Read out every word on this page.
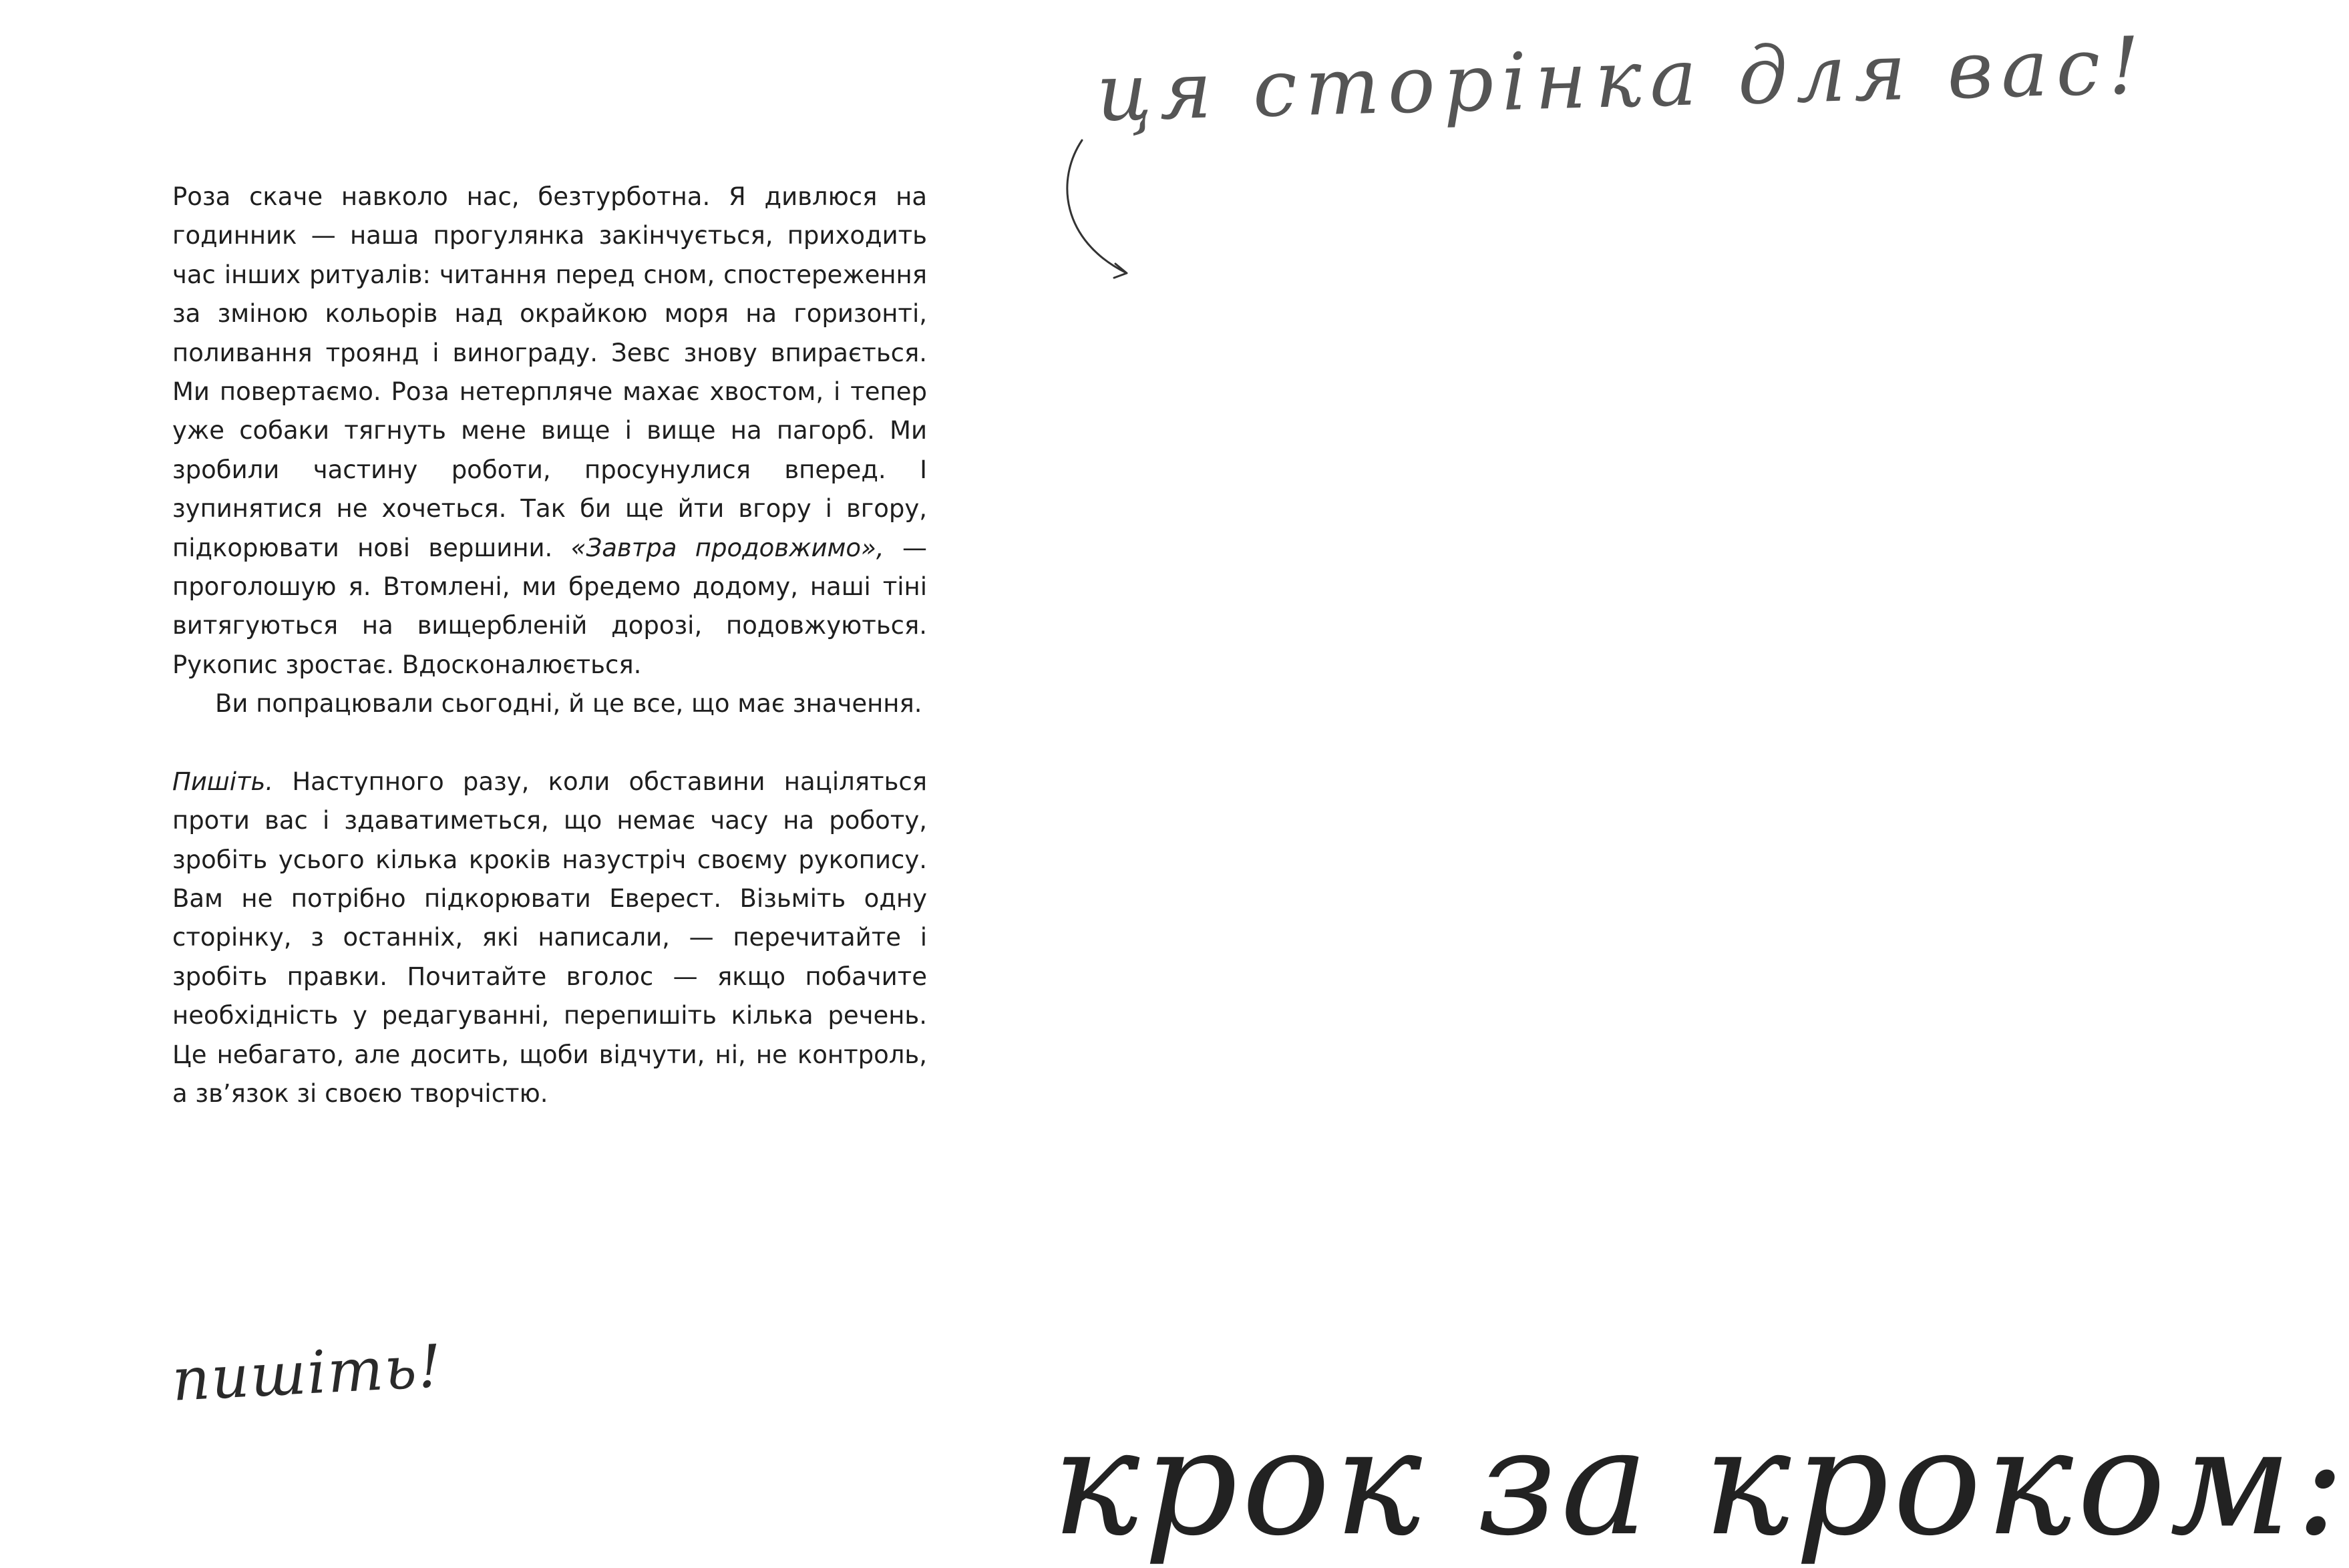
Роза скаче навколо нас, безтурботна. Я дивлюся на годинник — наша прогулянка закінчується, приходить час інших ритуалів: читання перед сном, спостереження за зміною кольорів над окрайкою моря на горизонті, поливання троянд і винограду. Зевс знову впирається. Ми повертаємо. Роза нетерпляче махає хвостом, і тепер уже собаки тягнуть мене вище і вище на пагорб. Ми зробили частину роботи, просунулися вперед. І зупинятися не хочеться. Так би ще йти вгору і вгору, підкорювати нові вершини. «Завтра продовжимо», — проголошую я. Втомлені, ми бредемо додому, наші тіні витягуються на вищербленій дорозі, подовжуються. Рукопис зростає. Вдосконалюється.

Ви попрацювали сьогодні, й це все, що має значення.

Пишіть. Наступного разу, коли обставини націляться проти вас і здаватиметься, що немає часу на роботу, зробіть усього кілька кроків назустріч своєму рукопису. Вам не потрібно підкорювати Еверест. Візьміть одну сторінку, з останніх, які написали, — перечитайте і зробіть правки. Почитайте вголос — якщо побачите необхідність у редагуванні, перепишіть кілька речень. Це небагато, але досить, щоби відчути, ні, не контроль, а зв’язок зі своєю творчістю.

пишіть!
ця сторінка для вас!
крок за кроком:
